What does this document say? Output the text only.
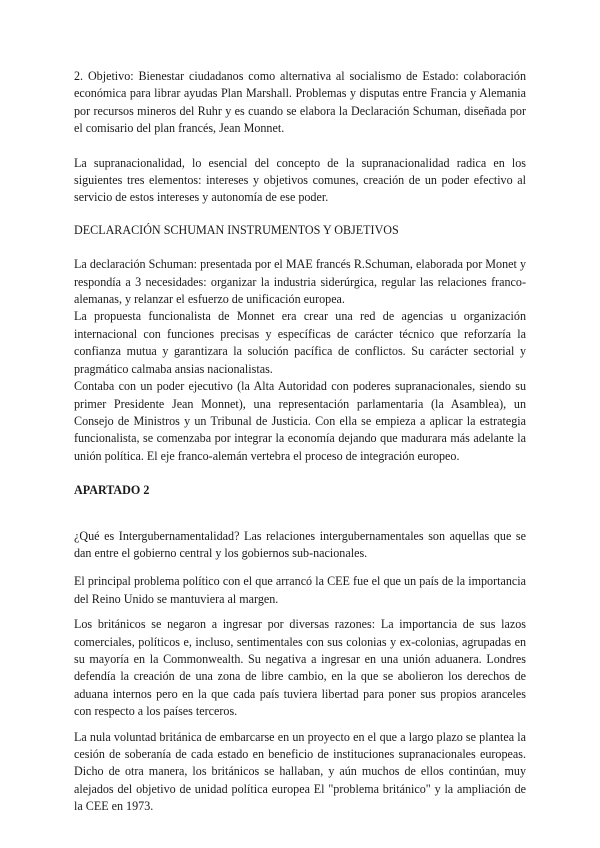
2. Objetivo: Bienestar ciudadanos como alternativa al socialismo de Estado: colaboración económica para librar ayudas Plan Marshall. Problemas y disputas entre Francia y Alemania por recursos mineros del Ruhr y es cuando se elabora la Declaración Schuman, diseñada por el comisario del plan francés, Jean Monnet.

La supranacionalidad, lo esencial del concepto de la supranacionalidad radica en los siguientes tres elementos: intereses y objetivos comunes, creación de un poder efectivo al servicio de estos intereses y autonomía de ese poder.

DECLARACIÓN SCHUMAN INSTRUMENTOS Y OBJETIVOS

La declaración Schuman: presentada por el MAE francés R.Schuman, elaborada por Monet y respondía a 3 necesidades: organizar la industria siderúrgica, regular las relaciones franco-alemanas, y relanzar el esfuerzo de unificación europea.

La propuesta funcionalista de Monnet era crear una red de agencias u organización internacional con funciones precisas y específicas de carácter técnico que reforzaría la confianza mutua y garantizara la solución pacífica de conflictos. Su carácter sectorial y pragmático calmaba ansias nacionalistas.

Contaba con un poder ejecutivo (la Alta Autoridad con poderes supranacionales, siendo su primer Presidente Jean Monnet), una representación parlamentaria (la Asamblea), un Consejo de Ministros y un Tribunal de Justicia. Con ella se empieza a aplicar la estrategia funcionalista, se comenzaba por integrar la economía dejando que madurara más adelante la unión política. El eje franco-alemán vertebra el proceso de integración europeo.

APARTADO 2

¿Qué es Intergubernamentalidad? Las relaciones intergubernamentales son aquellas que se dan entre el gobierno central y los gobiernos sub-nacionales.

El principal problema político con el que arrancó la CEE fue el que un país de la importancia del Reino Unido se mantuviera al margen.

Los británicos se negaron a ingresar por diversas razones: La importancia de sus lazos comerciales, políticos e, incluso, sentimentales con sus colonias y ex-colonias, agrupadas en su mayoría en la Commonwealth. Su negativa a ingresar en una unión aduanera. Londres defendía la creación de una zona de libre cambio, en la que se abolieron los derechos de aduana internos pero en la que cada país tuviera libertad para poner sus propios aranceles con respecto a los países terceros.

La nula voluntad británica de embarcarse en un proyecto en el que a largo plazo se plantea la cesión de soberanía de cada estado en beneficio de instituciones supranacionales europeas. Dicho de otra manera, los británicos se hallaban, y aún muchos de ellos continúan, muy alejados del objetivo de unidad política europea El "problema británico" y la ampliación de la CEE en 1973.
